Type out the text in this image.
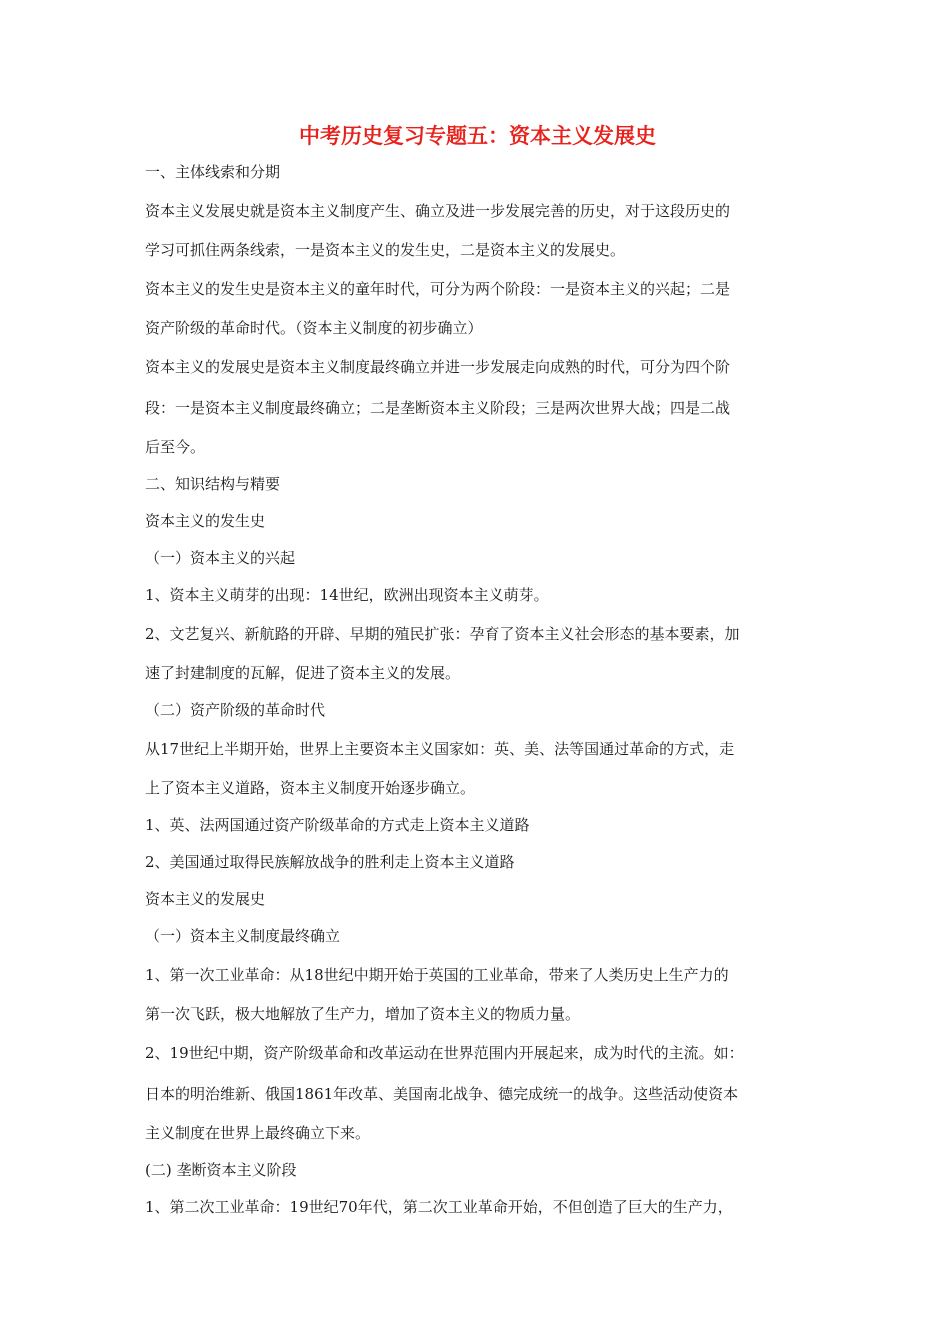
中考历史复习专题五：资本主义发展史

一、主体线索和分期

资本主义发展史就是资本主义制度产生、确立及进一步发展完善的历史，对于这段历史的

学习可抓住两条线索，一是资本主义的发生史，二是资本主义的发展史。

资本主义的发生史是资本主义的童年时代，可分为两个阶段：一是资本主义的兴起；二是

资产阶级的革命时代。（资本主义制度的初步确立）

资本主义的发展史是资本主义制度最终确立并进一步发展走向成熟的时代，可分为四个阶

段：一是资本主义制度最终确立；二是垄断资本主义阶段；三是两次世界大战；四是二战

后至今。

二、知识结构与精要

资本主义的发生史

（一）资本主义的兴起

1、资本主义萌芽的出现：14世纪，欧洲出现资本主义萌芽。

2、文艺复兴、新航路的开辟、早期的殖民扩张：孕育了资本主义社会形态的基本要素，加

速了封建制度的瓦解，促进了资本主义的发展。

（二）资产阶级的革命时代

从17世纪上半期开始，世界上主要资本主义国家如：英、美、法等国通过革命的方式，走

上了资本主义道路，资本主义制度开始逐步确立。

1、英、法两国通过资产阶级革命的方式走上资本主义道路

2、美国通过取得民族解放战争的胜利走上资本主义道路

资本主义的发展史

（一）资本主义制度最终确立

1、第一次工业革命：从18世纪中期开始于英国的工业革命，带来了人类历史上生产力的

第一次飞跃，极大地解放了生产力，增加了资本主义的物质力量。

2、19世纪中期，资产阶级革命和改革运动在世界范围内开展起来，成为时代的主流。如：

日本的明治维新、俄国1861年改革、美国南北战争、德完成统一的战争。这些活动使资本

主义制度在世界上最终确立下来。

(二) 垄断资本主义阶段

1、第二次工业革命：19世纪70年代，第二次工业革命开始，不但创造了巨大的生产力，
